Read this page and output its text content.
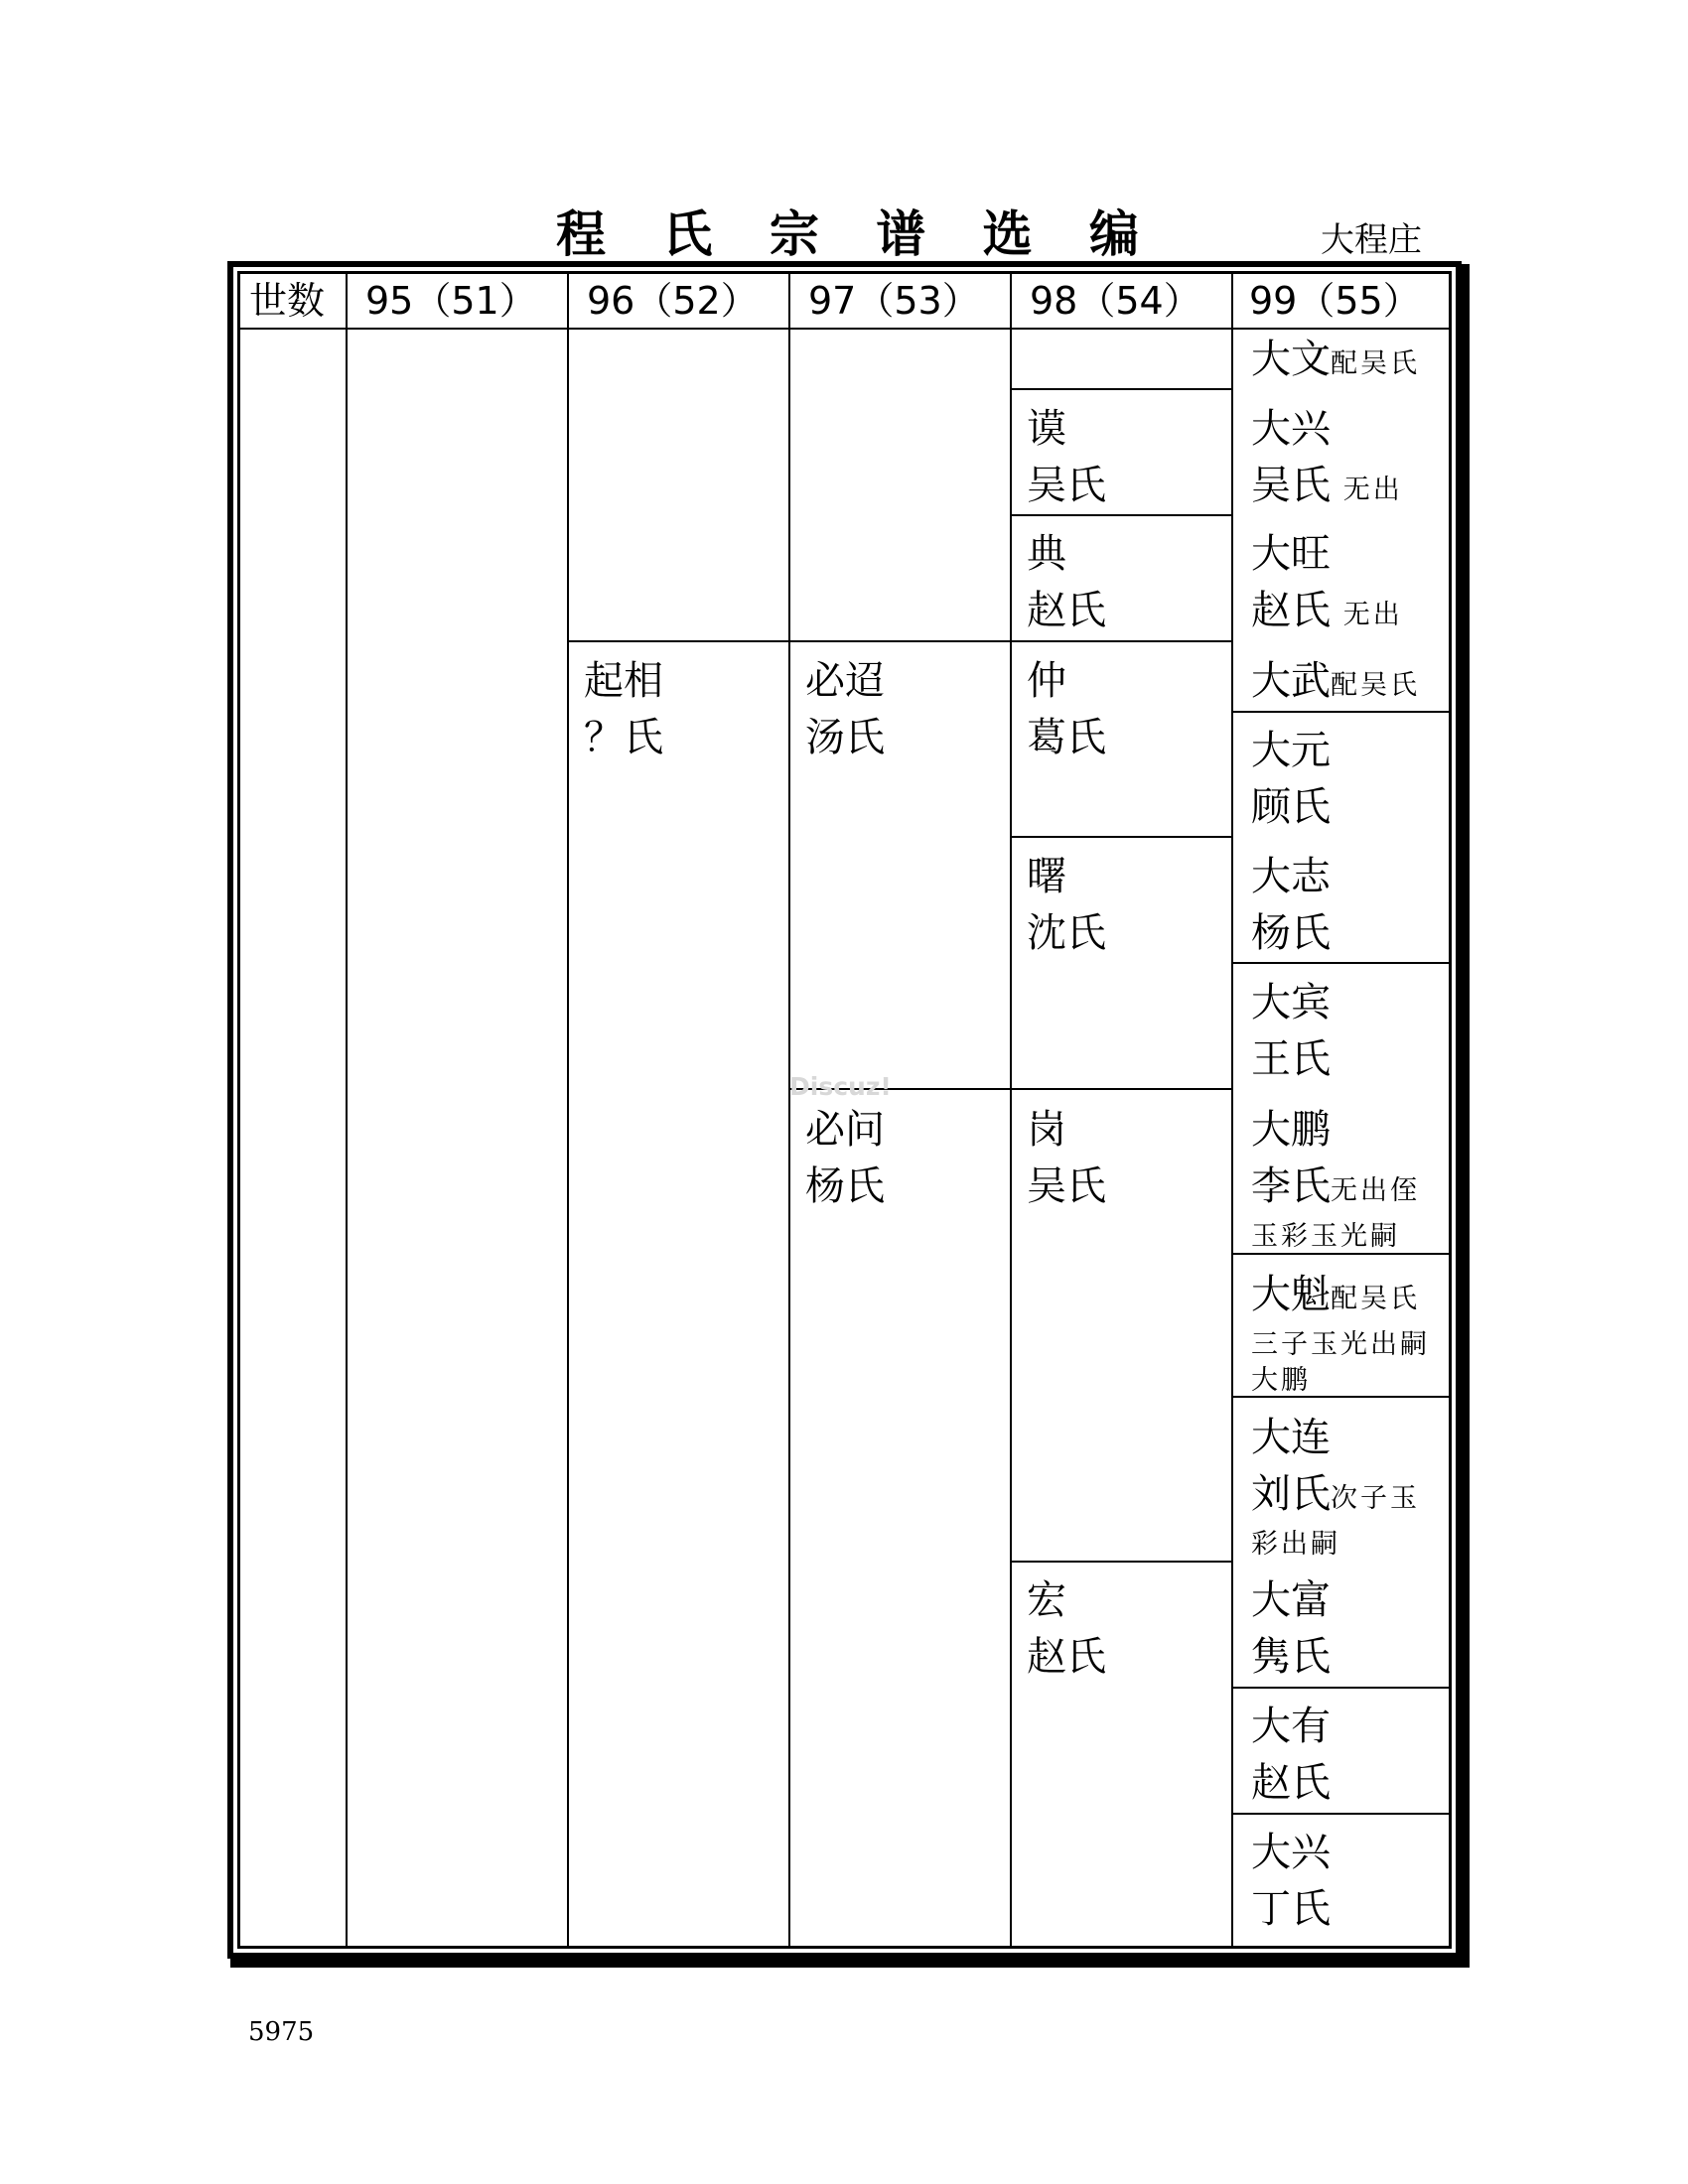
程 氏 宗 谱 选 编	大程庄
世数 95（51） 96（52） 97（53） 98（54） 99（55）
起相
？氏
必迢
汤氏
必问
杨氏
谟
吴氏
典
赵氏
仲
葛氏
曙
沈氏
岗
吴氏
宏
赵氏
大文配吴氏
大兴
吴氏 无出
大旺
赵氏 无出
大武配吴氏
大元
顾氏
大志
杨氏
大宾
王氏
大鹏
李氏无出侄
玉彩玉光嗣
大魁配吴氏
三子玉光出嗣
大鹏
大连
刘氏次子玉
彩出嗣
大富
隽氏
大有
赵氏
大兴
丁氏
Discuz!
5975
